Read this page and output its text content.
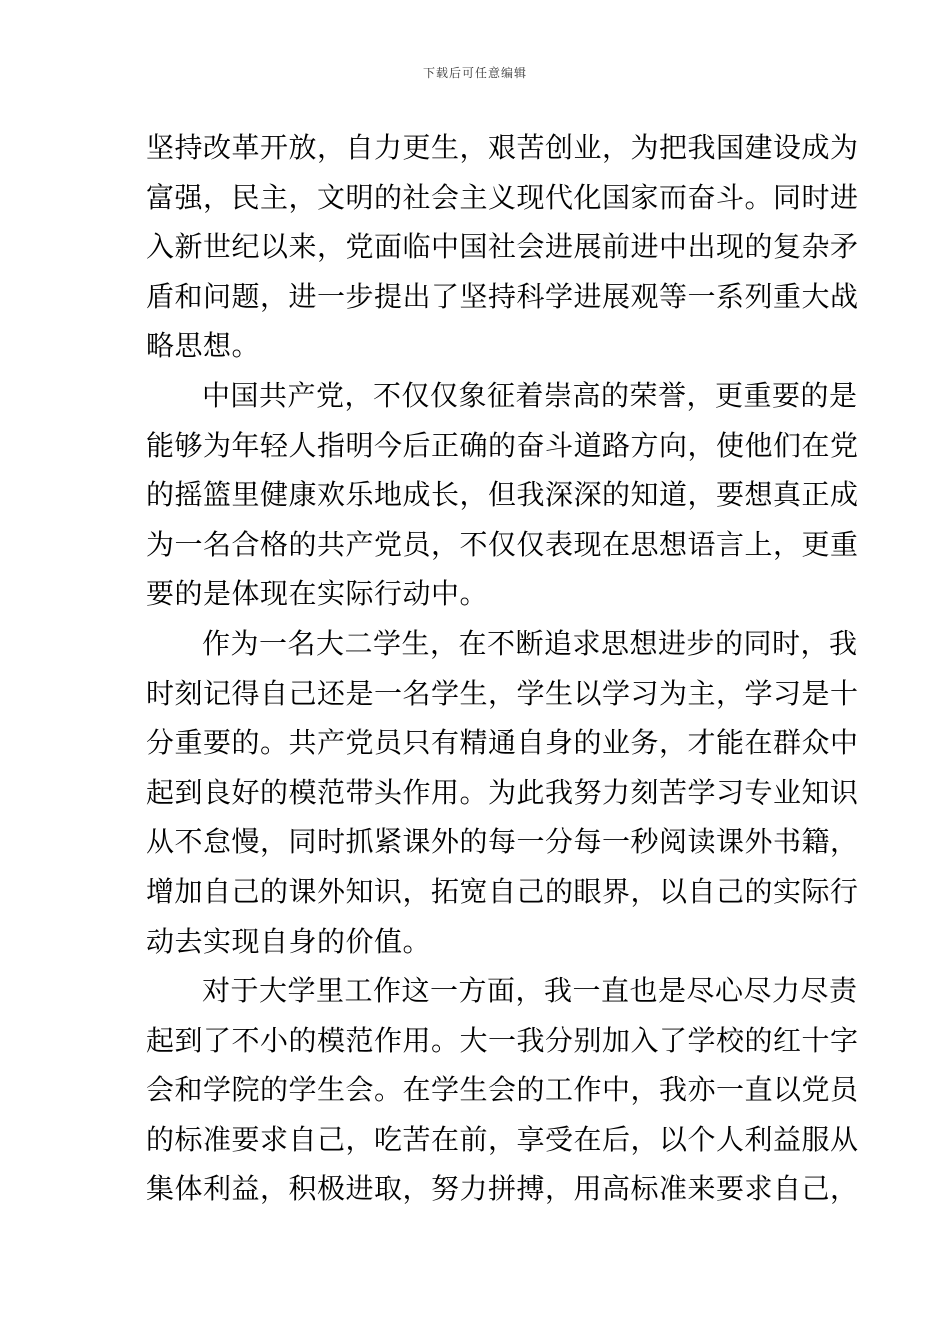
下载后可任意编辑
坚持改革开放，自力更生，艰苦创业，为把我国建设成为
富强，民主，文明的社会主义现代化国家而奋斗。同时进
入新世纪以来，党面临中国社会进展前进中出现的复杂矛
盾和问题，进一步提出了坚持科学进展观等一系列重大战
略思想。
中国共产党，不仅仅象征着崇高的荣誉，更重要的是
能够为年轻人指明今后正确的奋斗道路方向，使他们在党
的摇篮里健康欢乐地成长，但我深深的知道，要想真正成
为一名合格的共产党员，不仅仅表现在思想语言上，更重
要的是体现在实际行动中。
作为一名大二学生，在不断追求思想进步的同时，我
时刻记得自己还是一名学生，学生以学习为主，学习是十
分重要的。共产党员只有精通自身的业务，才能在群众中
起到良好的模范带头作用。为此我努力刻苦学习专业知识
从不怠慢，同时抓紧课外的每一分每一秒阅读课外书籍，
增加自己的课外知识，拓宽自己的眼界，以自己的实际行
动去实现自身的价值。
对于大学里工作这一方面，我一直也是尽心尽力尽责
起到了不小的模范作用。大一我分别加入了学校的红十字
会和学院的学生会。在学生会的工作中，我亦一直以党员
的标准要求自己，吃苦在前，享受在后，以个人利益服从
集体利益，积极进取，努力拼搏，用高标准来要求自己，
